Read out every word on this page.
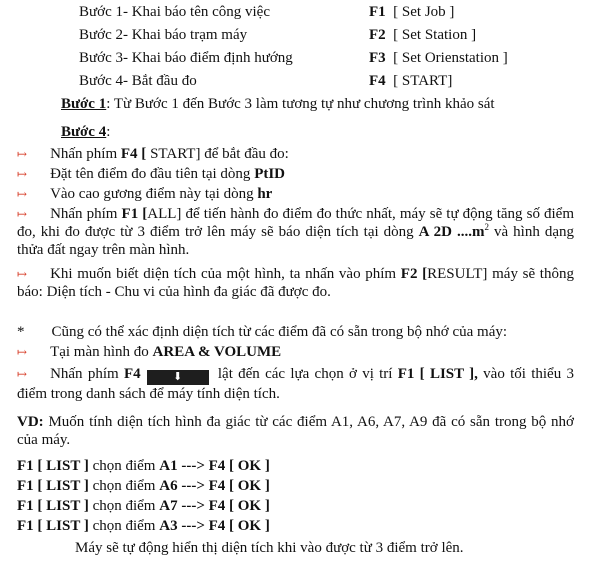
Bước 1- Khai báo tên công việc	F1 [ Set Job ]
Bước 2- Khai báo trạm máy	F2 [ Set Station ]
Bước 3- Khai báo điểm định hướng	F3 [ Set Orienstation ]
Bước 4- Bắt đầu đo	F4 [ START]
Bước 1: Từ Bước 1 đến Bước 3 làm tương tự như chương trình khảo sát
Bước 4:
↦ Nhấn phím F4 [ START] để bắt đầu đo:
↦ Đặt tên điểm đo đầu tiên tại dòng PtID
↦ Vào cao gương điểm này tại dòng hr
↦ Nhấn phím F1 [ALL] để tiến hành đo điểm đo thức nhất, máy sẽ tự động tăng số điểm đo, khi đo được từ 3 điểm trở lên máy sẽ báo diện tích tại dòng A 2D $....m^2$ và hình dạng thửa đất ngay trên màn hình.
↦ Khi muốn biết diện tích của một hình, ta nhấn vào phím F2 [RESULT] máy sẽ thông báo: Diện tích - Chu vi của hình đa giác đã được đo.
* Cũng có thể xác định diện tích từ các điểm đã có sẵn trong bộ nhớ của máy:
↦ Tại màn hình đo AREA & VOLUME
↦ Nhấn phím F4	⬇ lật đến các lựa chọn ở vị trí F1 [ LIST ], vào tối thiểu 3 điểm trong danh sách để máy tính diện tích.
VD: Muốn tính diện tích hình đa giác từ các điểm A1, A6, A7, A9 đã có sẵn trong bộ nhớ của máy.
F1 [ LIST ] chọn điểm A1 ---> F4 [ OK ]
F1 [ LIST ] chọn điểm A6 ---> F4 [ OK ]
F1 [ LIST ] chọn điểm A7 ---> F4 [ OK ]
F1 [ LIST ] chọn điểm A3 ---> F4 [ OK ]
Máy sẽ tự động hiển thị diện tích khi vào được từ 3 điểm trở lên.
